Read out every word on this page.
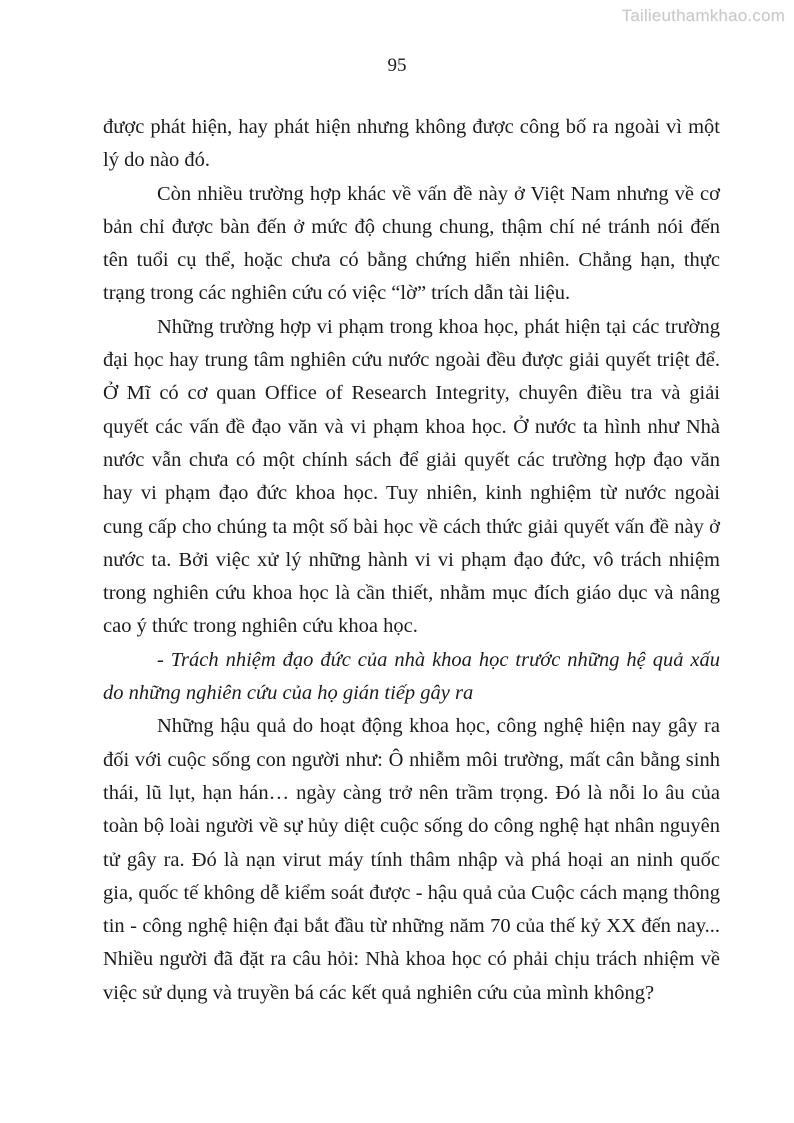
Tailieuthamkhao.com
95

được phát hiện, hay phát hiện nhưng không được công bố ra ngoài vì một lý do nào đó.

Còn nhiều trường hợp khác về vấn đề này ở Việt Nam nhưng về cơ bản chỉ được bàn đến ở mức độ chung chung, thậm chí né tránh nói đến tên tuổi cụ thể, hoặc chưa có bằng chứng hiển nhiên. Chẳng hạn, thực trạng trong các nghiên cứu có việc “lờ” trích dẫn tài liệu.

Những trường hợp vi phạm trong khoa học, phát hiện tại các trường đại học hay trung tâm nghiên cứu nước ngoài đều được giải quyết triệt để. Ở Mĩ có cơ quan Office of Research Integrity, chuyên điều tra và giải quyết các vấn đề đạo văn và vi phạm khoa học. Ở nước ta hình như Nhà nước vẫn chưa có một chính sách để giải quyết các trường hợp đạo văn hay vi phạm đạo đức khoa học. Tuy nhiên, kinh nghiệm từ nước ngoài cung cấp cho chúng ta một số bài học về cách thức giải quyết vấn đề này ở nước ta. Bởi việc xử lý những hành vi vi phạm đạo đức, vô trách nhiệm trong nghiên cứu khoa học là cần thiết, nhằm mục đích giáo dục và nâng cao ý thức trong nghiên cứu khoa học.

- Trách nhiệm đạo đức của nhà khoa học trước những hệ quả xấu do những nghiên cứu của họ gián tiếp gây ra

Những hậu quả do hoạt động khoa học, công nghệ hiện nay gây ra đối với cuộc sống con người như: Ô nhiễm môi trường, mất cân bằng sinh thái, lũ lụt, hạn hán… ngày càng trở nên trầm trọng. Đó là nỗi lo âu của toàn bộ loài người về sự hủy diệt cuộc sống do công nghệ hạt nhân nguyên tử gây ra. Đó là nạn virut máy tính thâm nhập và phá hoại an ninh quốc gia, quốc tế không dễ kiểm soát được - hậu quả của Cuộc cách mạng thông tin - công nghệ hiện đại bắt đầu từ những năm 70 của thế kỷ XX đến nay... Nhiều người đã đặt ra câu hỏi: Nhà khoa học có phải chịu trách nhiệm về việc sử dụng và truyền bá các kết quả nghiên cứu của mình không?
